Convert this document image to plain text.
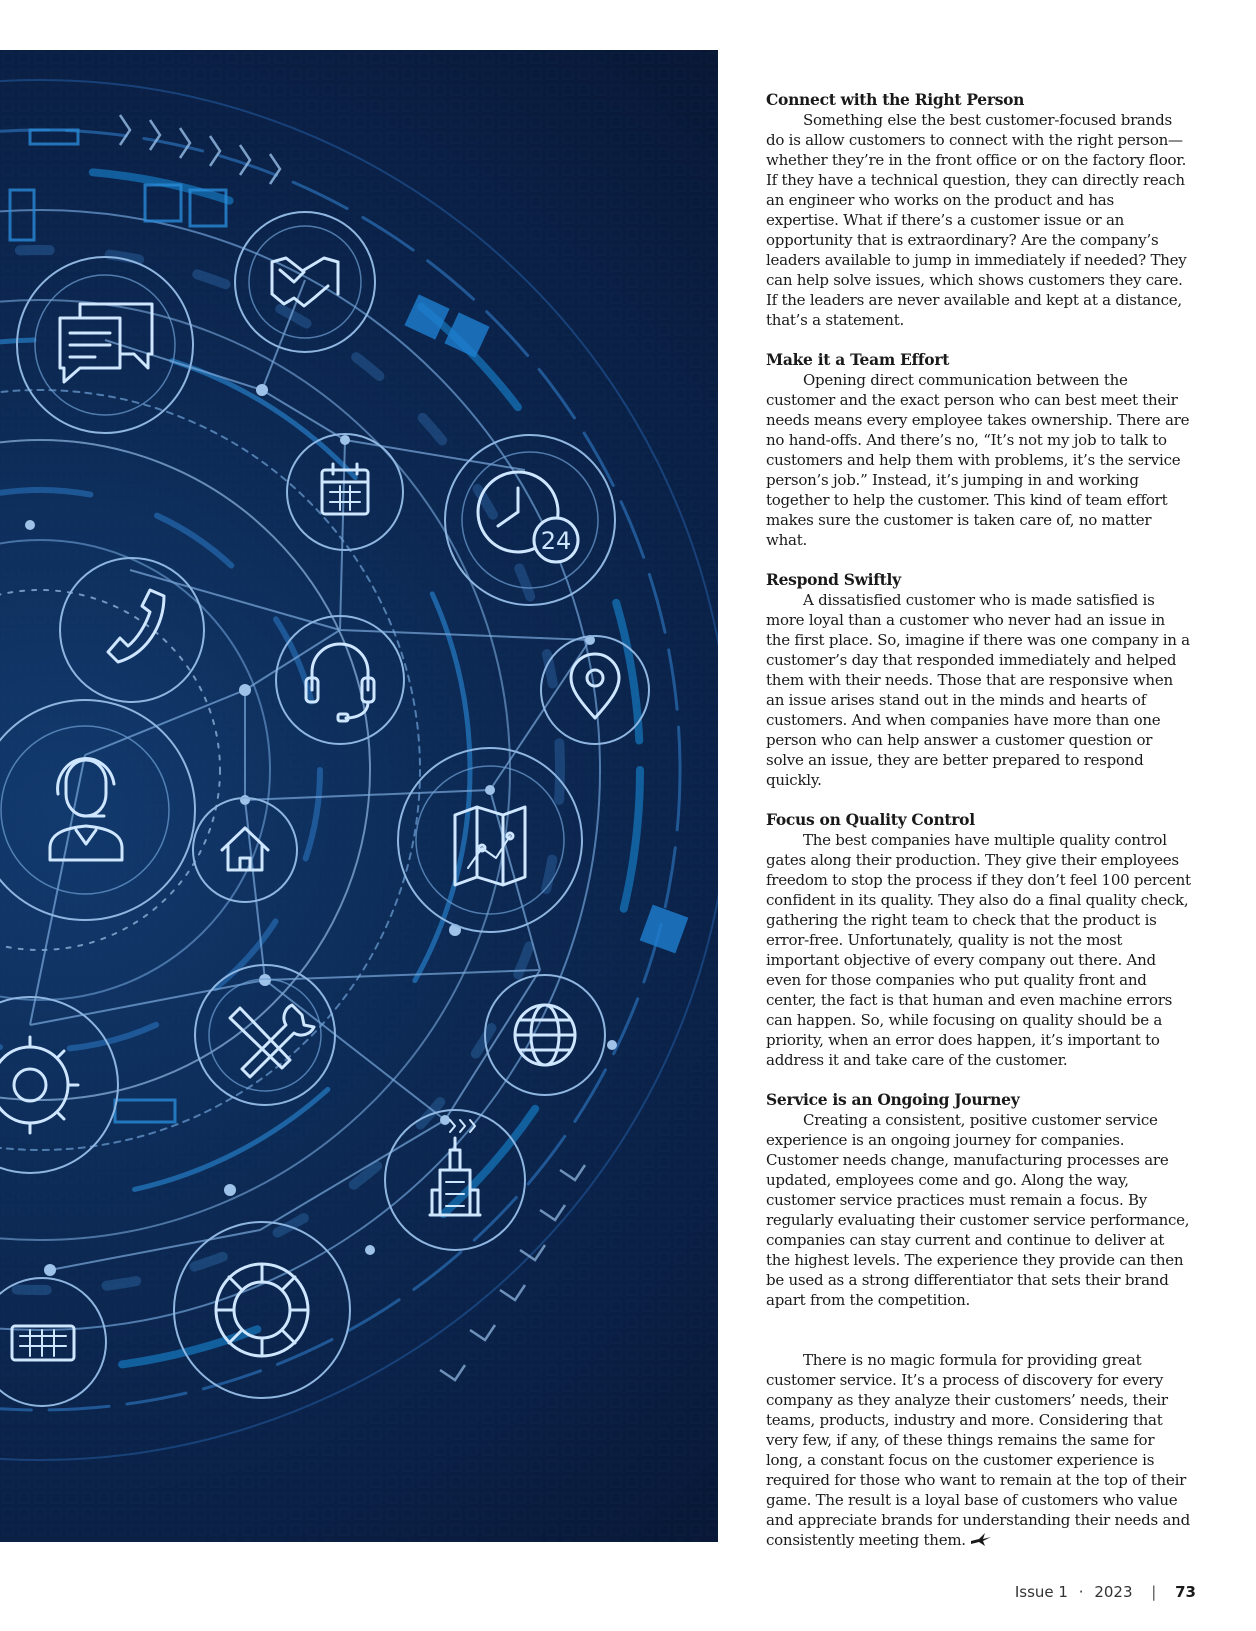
24
Connect with the Right Person

Something else the best customer-focused brands do is allow customers to connect with the right person—whether they’re in the front office or on the factory floor. If they have a technical question, they can directly reach an engineer who works on the product and has expertise. What if there’s a customer issue or an opportunity that is extraordinary? Are the company’s leaders available to jump in immediately if needed? They can help solve issues, which shows customers they care. If the leaders are never available and kept at a distance, that’s a statement.

Make it a Team Effort

Opening direct communication between the customer and the exact person who can best meet their needs means every employee takes ownership. There are no hand-offs. And there’s no, “It’s not my job to talk to customers and help them with problems, it’s the service person’s job.” Instead, it’s jumping in and working together to help the customer. This kind of team effort makes sure the customer is taken care of, no matter what.

Respond Swiftly

A dissatisfied customer who is made satisfied is more loyal than a customer who never had an issue in the first place. So, imagine if there was one company in a customer’s day that responded immediately and helped them with their needs. Those that are responsive when an issue arises stand out in the minds and hearts of customers. And when companies have more than one person who can help answer a customer question or solve an issue, they are better prepared to respond quickly.

Focus on Quality Control

The best companies have multiple quality control gates along their production. They give their employees freedom to stop the process if they don’t feel 100 percent confident in its quality. They also do a final quality check, gathering the right team to check that the product is error-free. Unfortunately, quality is not the most important objective of every company out there. And even for those companies who put quality front and center, the fact is that human and even machine errors can happen. So, while focusing on quality should be a priority, when an error does happen, it’s important to address it and take care of the customer.

Service is an Ongoing Journey

Creating a consistent, positive customer service experience is an ongoing journey for companies. Customer needs change, manufacturing processes are updated, employees come and go. Along the way, customer service practices must remain a focus. By regularly evaluating their customer service performance, companies can stay current and continue to deliver at the highest levels. The experience they provide can then be used as a strong differentiator that sets their brand apart from the competition.

There is no magic formula for providing great customer service. It’s a process of discovery for every company as they analyze their customers’ needs, their teams, products, industry and more. Considering that very few, if any, of these things remains the same for long, a constant focus on the customer experience is required for those who want to remain at the top of their game. The result is a loyal base of customers who value and appreciate brands for understanding their needs and consistently meeting them.

Issue 1 · 2023 | 73
